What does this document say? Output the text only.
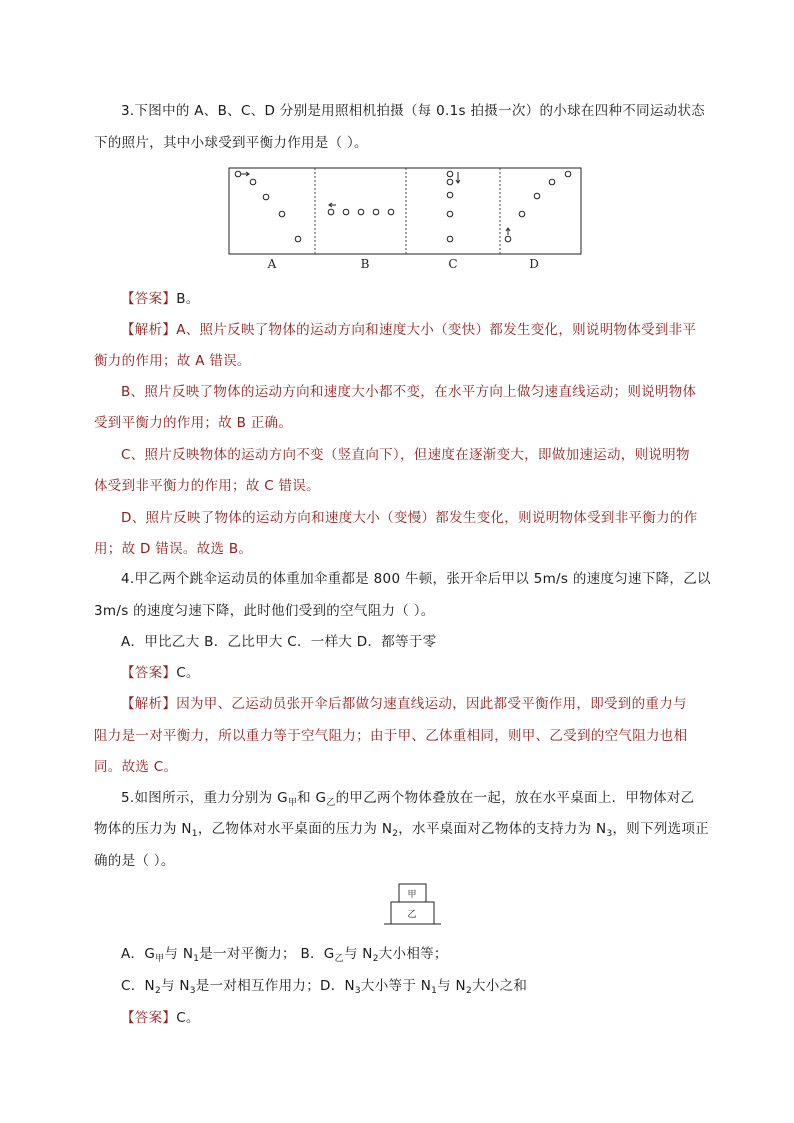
3.下图中的 A、B、C、D 分别是用照相机拍摄（每 0.1s 拍摄一次）的小球在四种不同运动状态
下的照片，其中小球受到平衡力作用是（ ）。
A	B	C	D
【答案】B。
【解析】A、照片反映了物体的运动方向和速度大小（变快）都发生变化，则说明物体受到非平
衡力的作用；故 A 错误。
B、照片反映了物体的运动方向和速度大小都不变，在水平方向上做匀速直线运动；则说明物体
受到平衡力的作用；故 B 正确。
C、照片反映物体的运动方向不变（竖直向下），但速度在逐渐变大，即做加速运动，则说明物
体受到非平衡力的作用；故 C 错误。
D、照片反映了物体的运动方向和速度大小（变慢）都发生变化，则说明物体受到非平衡力的作
用；故 D 错误。故选 B。
4.甲乙两个跳伞运动员的体重加伞重都是 800 牛顿，张开伞后甲以 5m/s 的速度匀速下降，乙以
3m/s 的速度匀速下降，此时他们受到的空气阻力（ ）。
A．甲比乙大 B．乙比甲大 C．一样大 D．都等于零
【答案】C。
【解析】因为甲、乙运动员张开伞后都做匀速直线运动，因此都受平衡作用，即受到的重力与
阻力是一对平衡力，所以重力等于空气阻力；由于甲、乙体重相同，则甲、乙受到的空气阻力也相
同。故选 C。
5.如图所示，重力分别为 $G_甲$和 $G_乙$的甲乙两个物体叠放在一起，放在水平桌面上．甲物体对乙
物体的压力为 $N_1$，乙物体对水平桌面的压力为 $N_2$，水平桌面对乙物体的支持力为 $N_3$，则下列选项正
确的是（ ）。
甲
乙
A．$G_甲$与 $N_1$是一对平衡力； B．$G_乙$与 $N_2$大小相等；
C．$N_2$与 $N_3$是一对相互作用力；D．$N_3$大小等于 $N_1$与 $N_2$大小之和
【答案】C。
